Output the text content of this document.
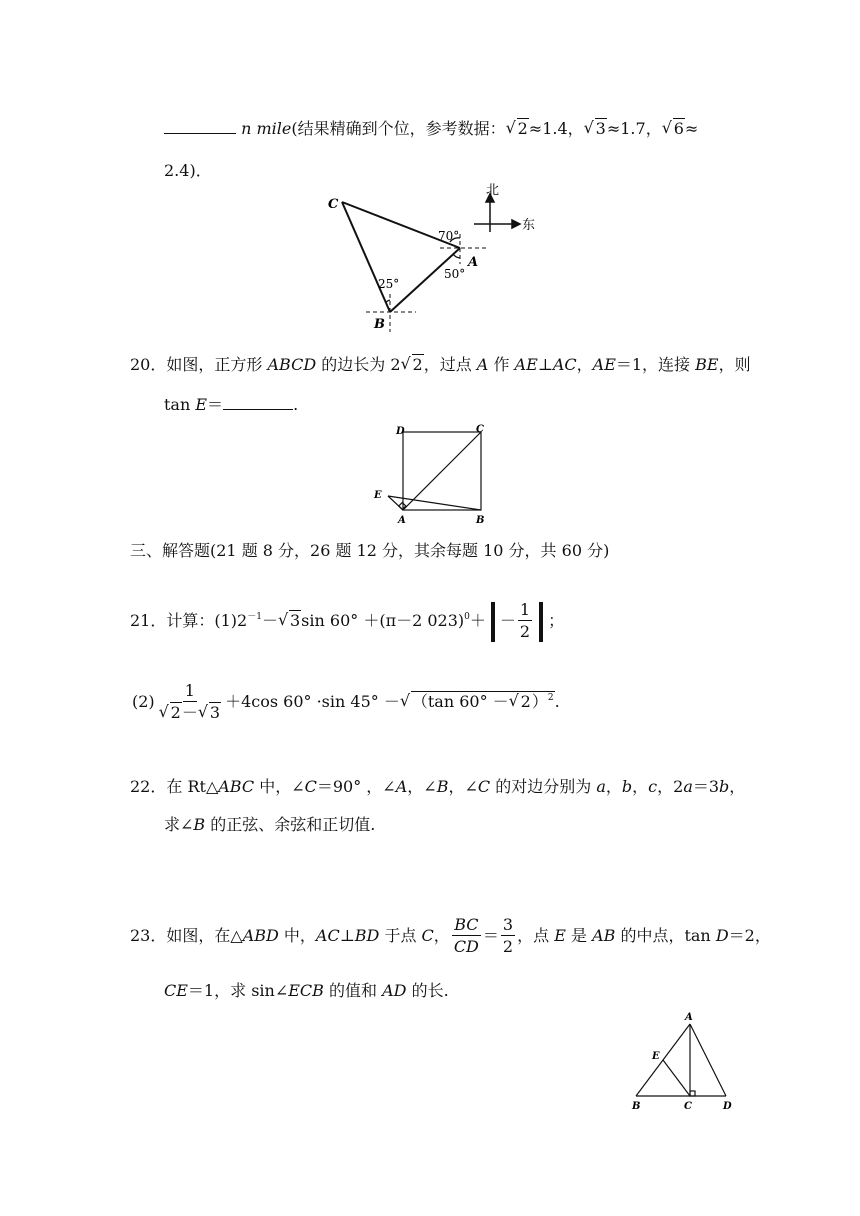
n mile(结果精确到个位，参考数据： √ 2≈1.4， √ 3≈1.7， √ 6≈
2.4)．
北
东
C
A
B
70°
50°
25°
20．如图，正方形 ABCD 的边长为 2 √ 2，过点 A 作 AE⊥AC，AE＝1，连接 BE，则
tan E＝	.
D	C
E
A	B
三、解答题(21 题 8 分，26 题 12 分，其余每题 10 分，共 60 分)
21．计算：$(1)2^{-1}-$ √ 3sin 60° ＋(π－2 $023)^0+ - \frac{1}{2}$ ；
$(2) \frac{1}{√ 2- √ 3} +4\cos$ 60° ·sin 45° － √ （tan 60° － √ 2）$^2$.
22．在 Rt△ABC 中，∠C＝90° ，∠A，∠B，∠C 的对边分别为 a，b，c，2a＝3b，
求∠B 的正弦、余弦和正切值.
23．如图，在△ABD 中，AC⊥BD 于点 C， $\frac{BC}{CD} = \frac{3}{2}$ ，点 E 是 AB 的中点，tan D＝2，
CE＝1，求 sin∠ECB 的值和 AD 的长.
A
E
B	C	D
